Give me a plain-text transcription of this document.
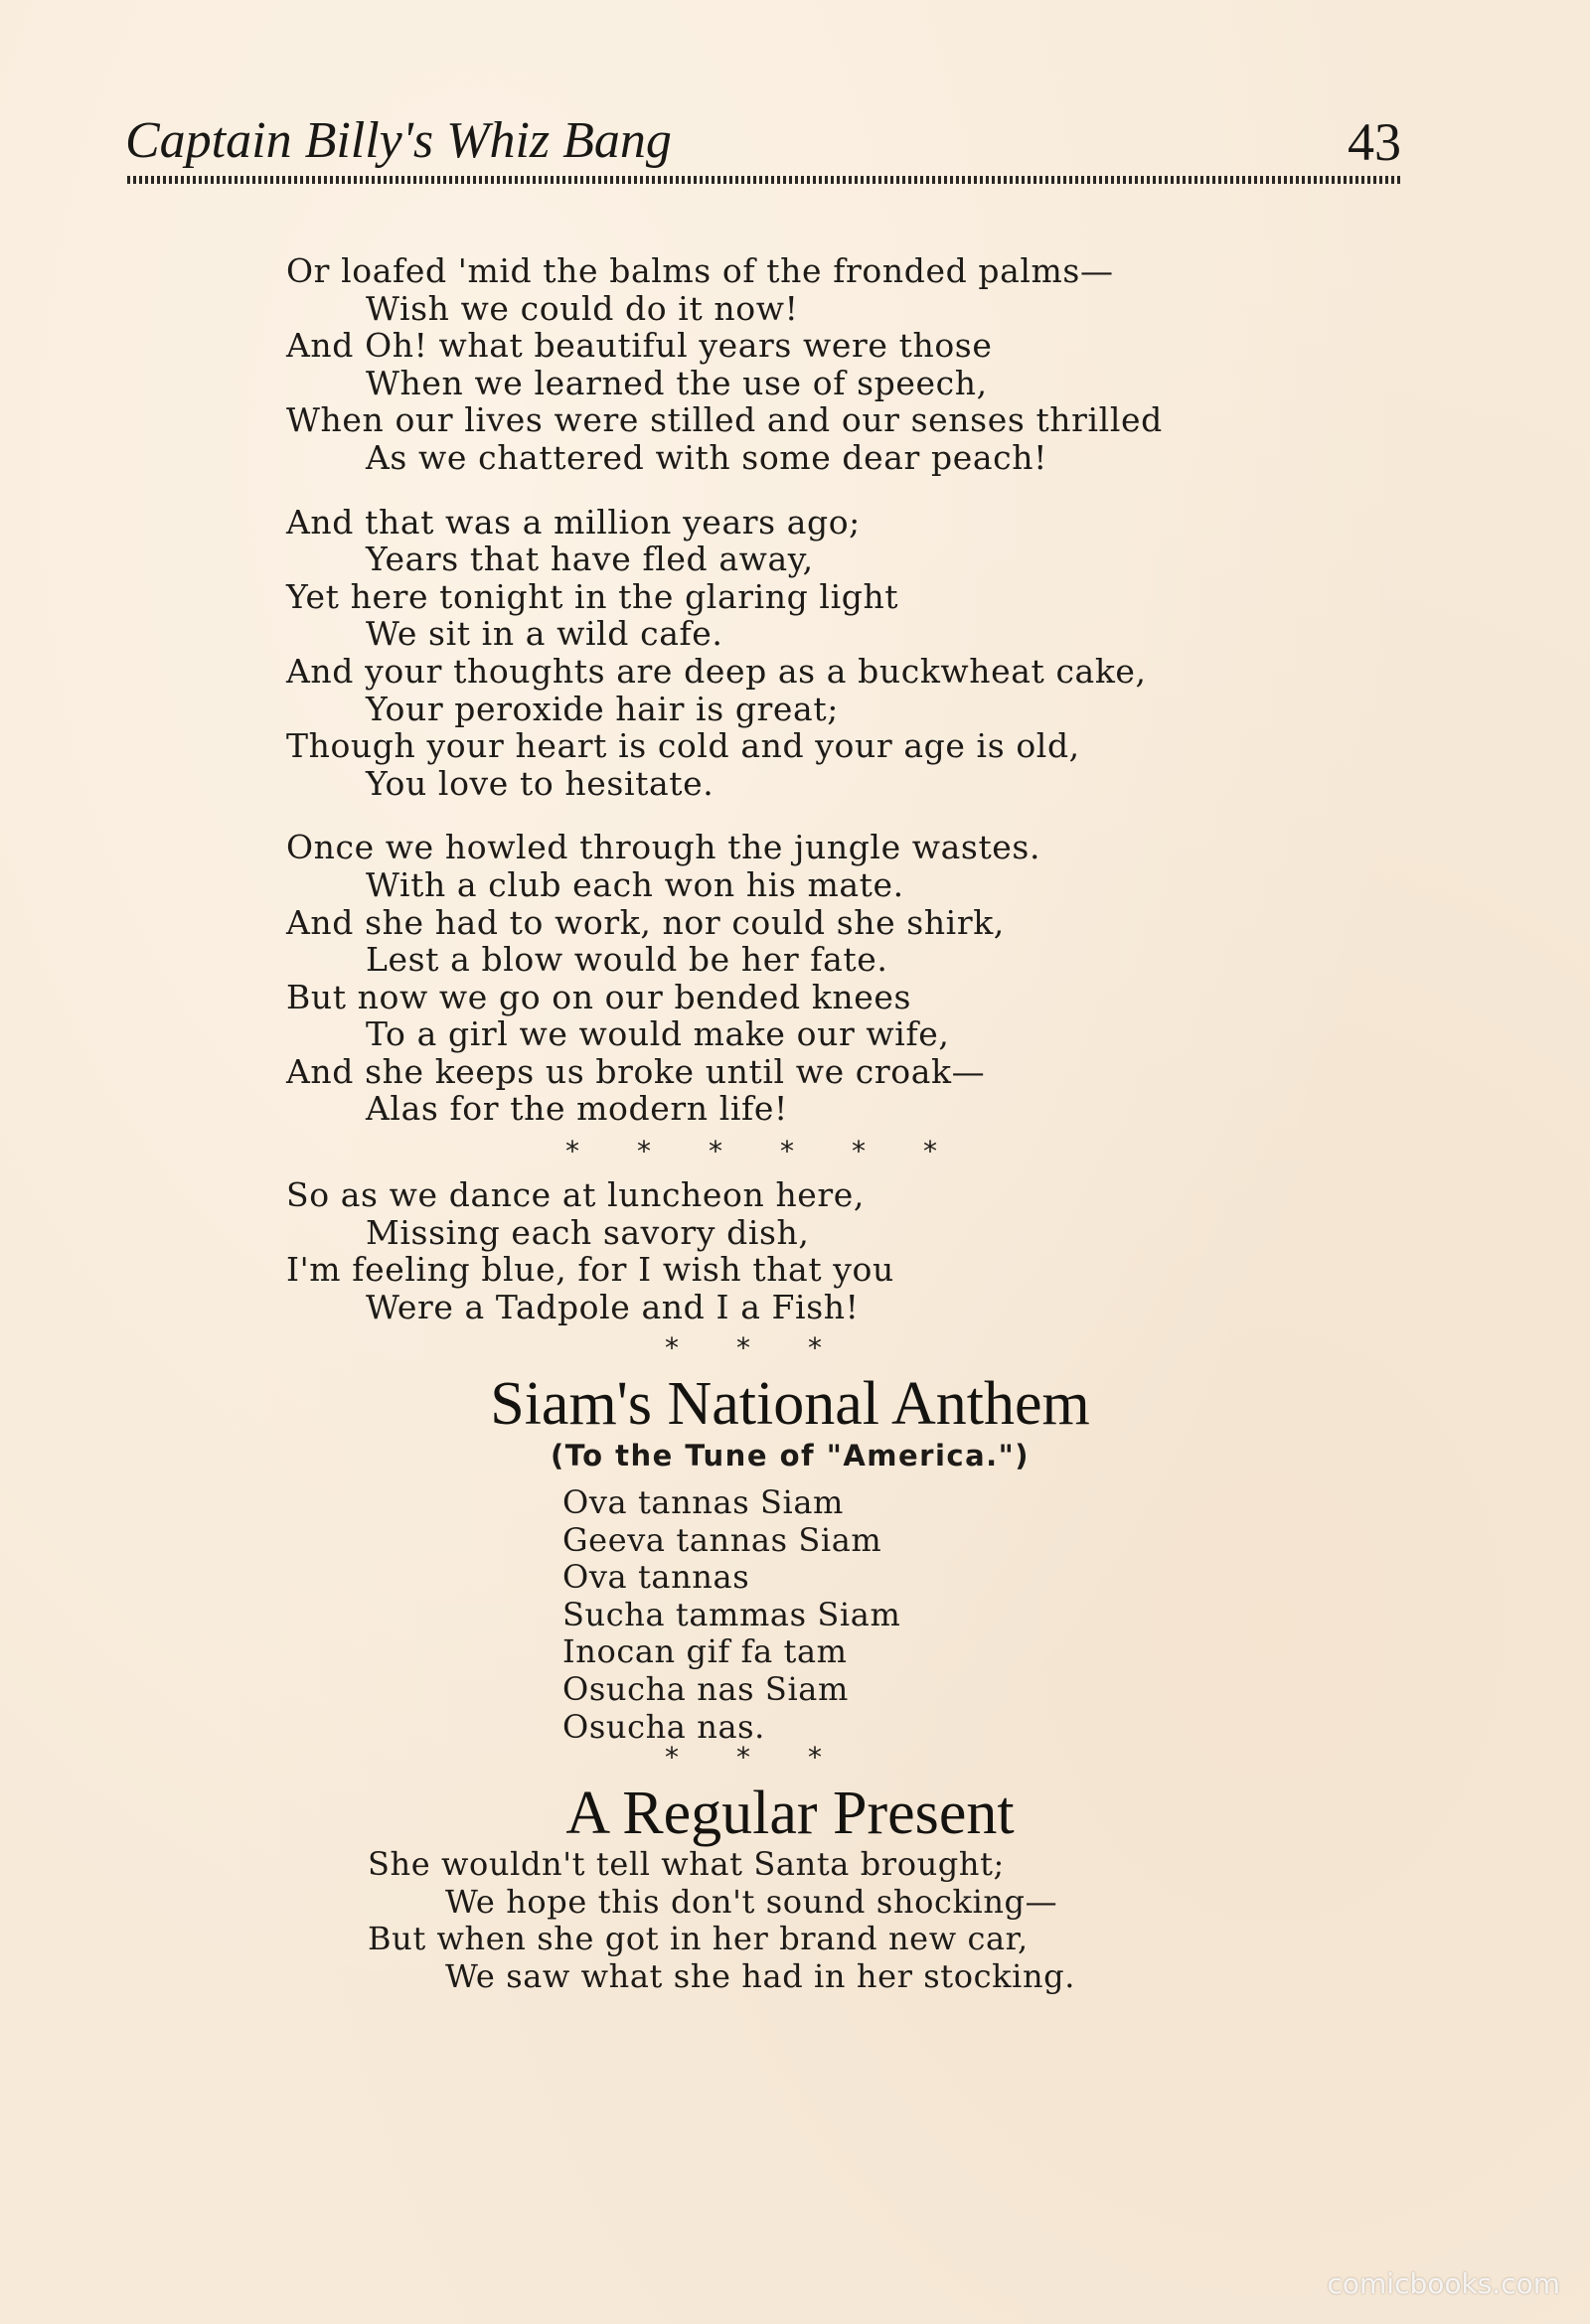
Captain Billy's Whiz Bang	43
Or loafed 'mid the balms of the fronded palms—
Wish we could do it now!
And Oh! what beautiful years were those
When we learned the use of speech,
When our lives were stilled and our senses thrilled
As we chattered with some dear peach!
And that was a million years ago;
Years that have fled away,
Yet here tonight in the glaring light
We sit in a wild cafe.
And your thoughts are deep as a buckwheat cake,
Your peroxide hair is great;
Though your heart is cold and your age is old,
You love to hesitate.
Once we howled through the jungle wastes.
With a club each won his mate.
And she had to work, nor could she shirk,
Lest a blow would be her fate.
But now we go on our bended knees
To a girl we would make our wife,
And she keeps us broke until we croak—
Alas for the modern life!
* * * * * *
So as we dance at luncheon here,
Missing each savory dish,
I'm feeling blue, for I wish that you
Were a Tadpole and I a Fish!
* * *
Siam's National Anthem
(To the Tune of "America.")
Ova tannas Siam
Geeva tannas Siam
Ova tannas
Sucha tammas Siam
Inocan gif fa tam
Osucha nas Siam
Osucha nas.
* * *
A Regular Present
She wouldn't tell what Santa brought;
We hope this don't sound shocking—
But when she got in her brand new car,
We saw what she had in her stocking.
comicbooks.com
